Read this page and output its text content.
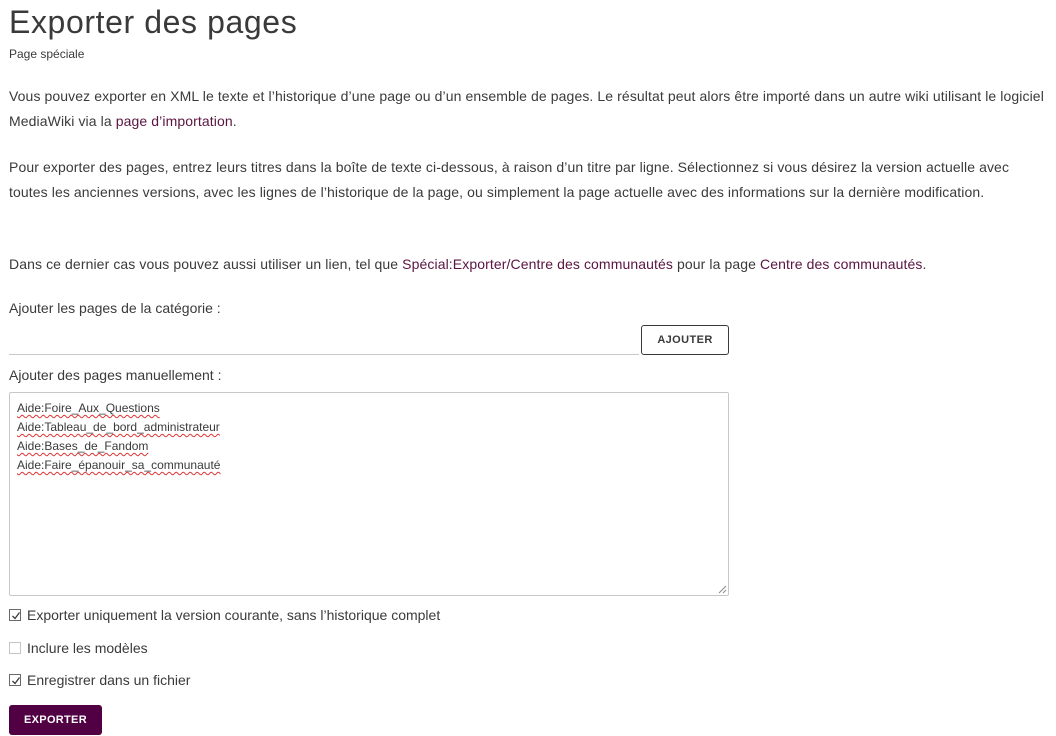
Exporter des pages
Page spéciale

Vous pouvez exporter en XML le texte et l’historique d’une page ou d’un ensemble de pages. Le résultat peut alors être importé dans un autre wiki utilisant le logiciel MediaWiki via la page d’importation.

Pour exporter des pages, entrez leurs titres dans la boîte de texte ci-dessous, à raison d’un titre par ligne. Sélectionnez si vous désirez la version actuelle avec toutes les anciennes versions, avec les lignes de l’historique de la page, ou simplement la page actuelle avec des informations sur la dernière modification.

Dans ce dernier cas vous pouvez aussi utiliser un lien, tel que Spécial:Exporter/Centre des communautés pour la page Centre des communautés.

Ajouter les pages de la catégorie :
AJOUTER
Ajouter des pages manuellement :
Aide:Foire_Aux_Questions
Aide:Tableau_de_bord_administrateur
Aide:Bases_de_Fandom
Aide:Faire_épanouir_sa_communauté
Exporter uniquement la version courante, sans l’historique complet
Inclure les modèles
Enregistrer dans un fichier
EXPORTER
